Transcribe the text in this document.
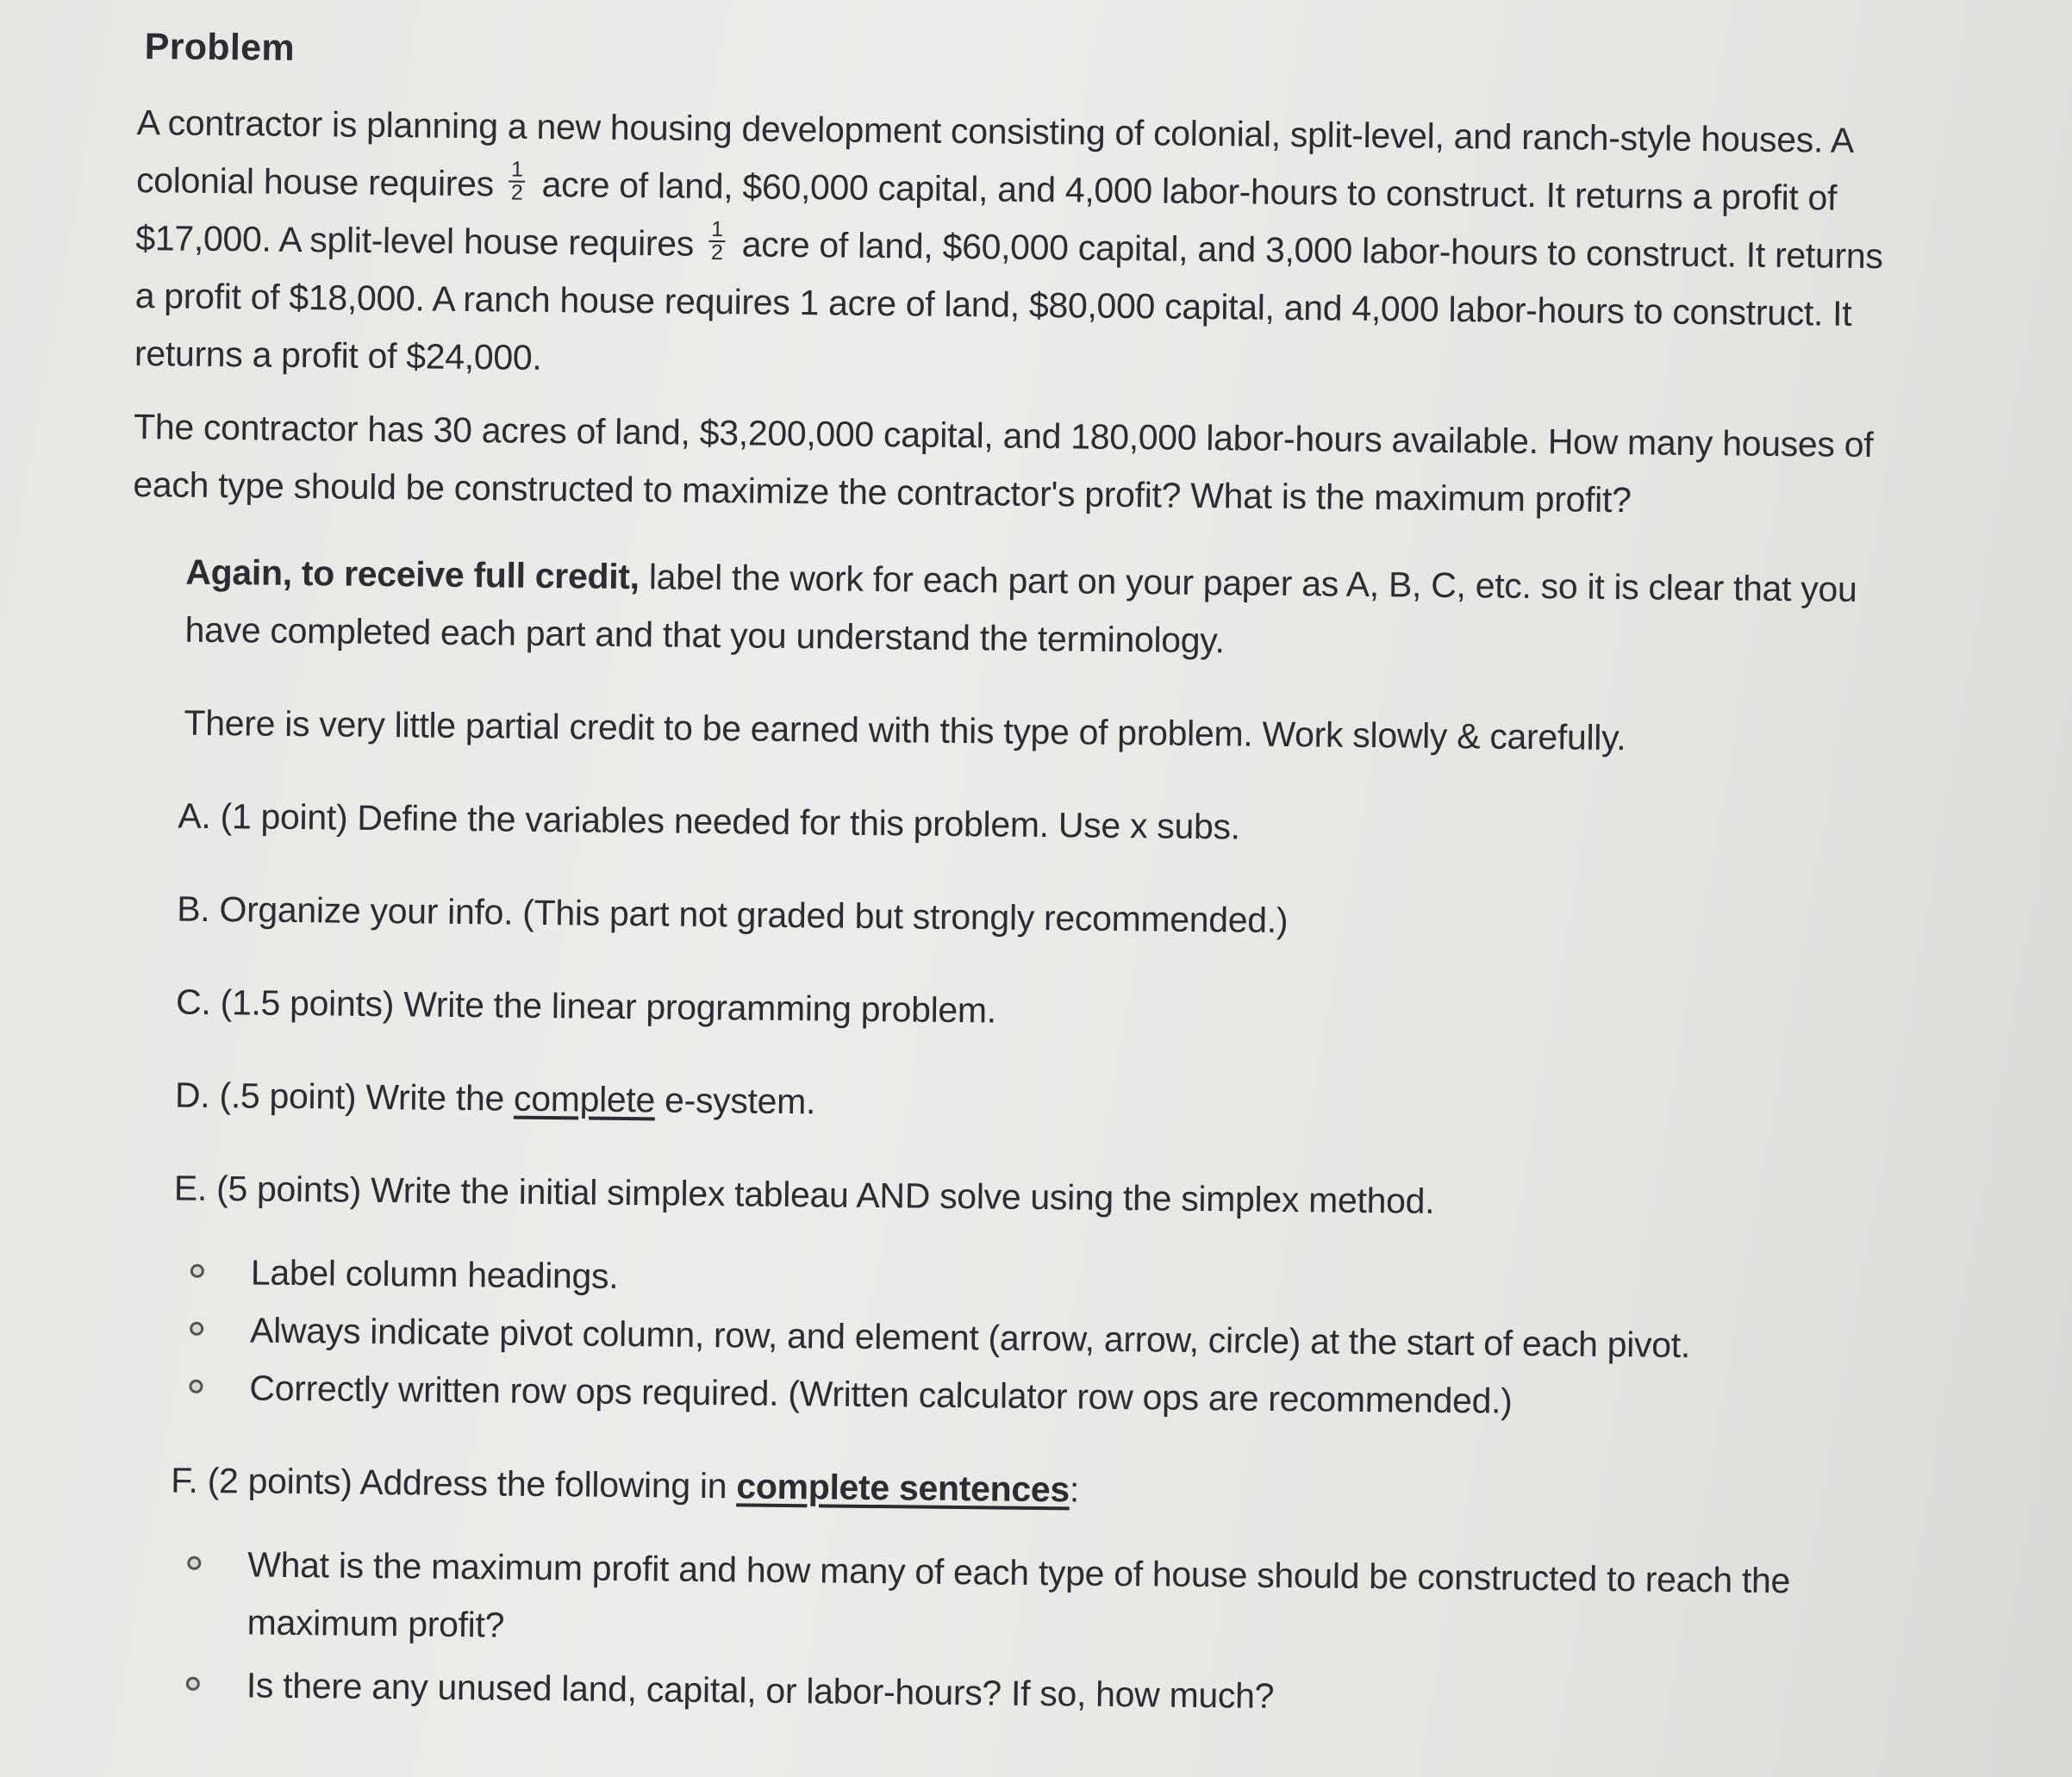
Problem

A contractor is planning a new housing development consisting of colonial, split-level, and ranch-style houses. A colonial house requires $\frac{1}{2}$ acre of land, $60,000 capital, and 4,000 labor-hours to construct. It returns a profit of $17,000. A split-level house requires $\frac{1}{2}$ acre of land, $60,000 capital, and 3,000 labor-hours to construct. It returns a profit of $18,000. A ranch house requires 1 acre of land, $80,000 capital, and 4,000 labor-hours to construct. It returns a profit of $24,000.

The contractor has 30 acres of land, $3,200,000 capital, and 180,000 labor-hours available. How many houses of each type should be constructed to maximize the contractor's profit? What is the maximum profit?

Again, to receive full credit, label the work for each part on your paper as A, B, C, etc. so it is clear that you have completed each part and that you understand the terminology.

There is very little partial credit to be earned with this type of problem. Work slowly & carefully.

A. (1 point) Define the variables needed for this problem. Use x subs.

B. Organize your info. (This part not graded but strongly recommended.)

C. (1.5 points) Write the linear programming problem.

D. (.5 point) Write the complete e-system.

E. (5 points) Write the initial simplex tableau AND solve using the simplex method.

Label column headings.
Always indicate pivot column, row, and element (arrow, arrow, circle) at the start of each pivot.
Correctly written row ops required. (Written calculator row ops are recommended.)

F. (2 points) Address the following in complete sentences:

What is the maximum profit and how many of each type of house should be constructed to reach the maximum profit?
Is there any unused land, capital, or labor-hours? If so, how much?
